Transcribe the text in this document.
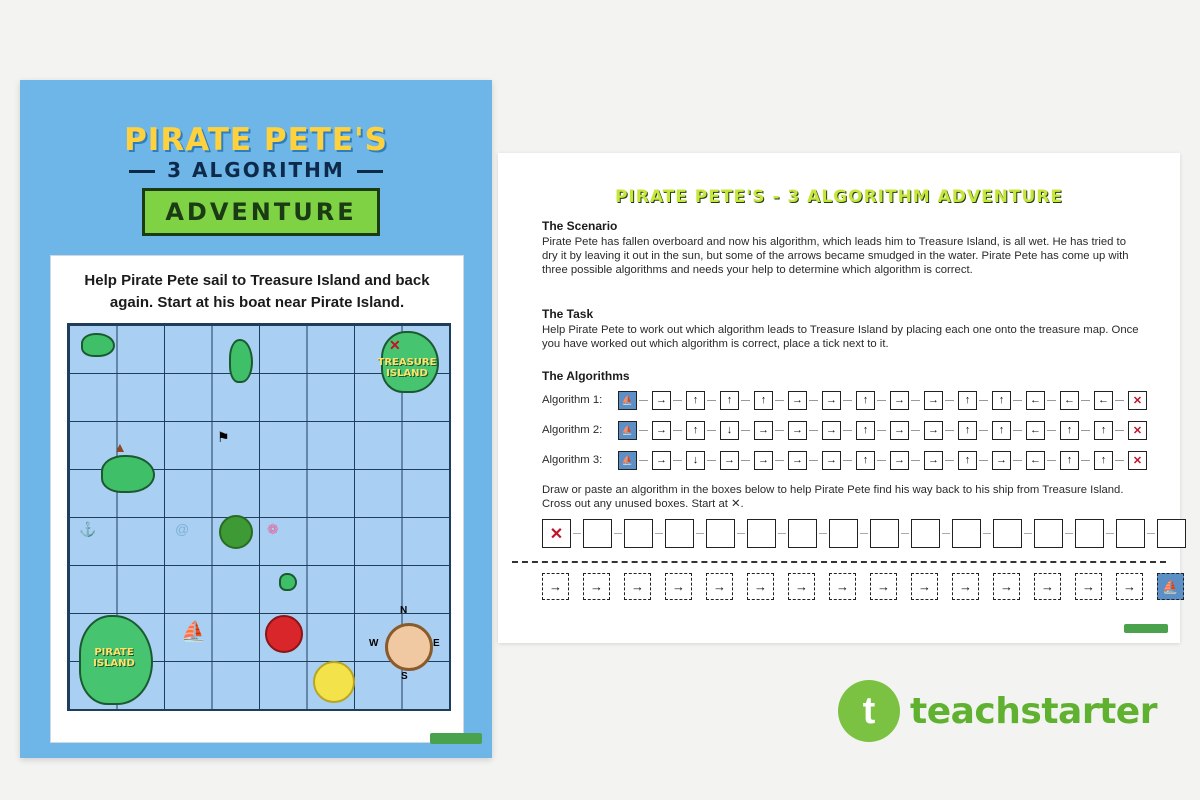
PIRATE PETE'S
3 ALGORITHM
ADVENTURE
Help Pirate Pete sail to Treasure Island and back again. Start at his boat near Pirate Island.
TREASURE ISLAND
✕
▲
⚑
⚓	@	❁
PIRATE ISLAND
⛵
N
E
S
W
PIRATE PETE'S - 3 ALGORITHM ADVENTURE
The Scenario
Pirate Pete has fallen overboard and now his algorithm, which leads him to Treasure Island, is all wet. He has tried to dry it by leaving it out in the sun, but some of the arrows became smudged in the water. Pirate Pete has come up with three possible algorithms and needs your help to determine which algorithm is correct.
The Task
Help Pirate Pete to work out which algorithm leads to Treasure Island by placing each one onto the treasure map. Once you have worked out which algorithm is correct, place a tick next to it.
The Algorithms
Algorithm 1:	⛵	→	↑	↑	↑	→	→	↑	→	→	↑	↑	←	←	←	✕
Algorithm 2:	⛵	→	↑	↓	→	→	→	↑	→	→	↑	↑	←	↑	↑	✕
Algorithm 3:	⛵	→	↓	→	→	→	→	↑	→	→	↑	→	←	↑	↑	✕
Draw or paste an algorithm in the boxes below to help Pirate Pete find his way back to his ship from Treasure Island. Cross out any unused boxes. Start at ✕.
✕
→	→	→	→	→	→	→	→	→	→	→	→	→	→	→	⛵
t teachstarter
